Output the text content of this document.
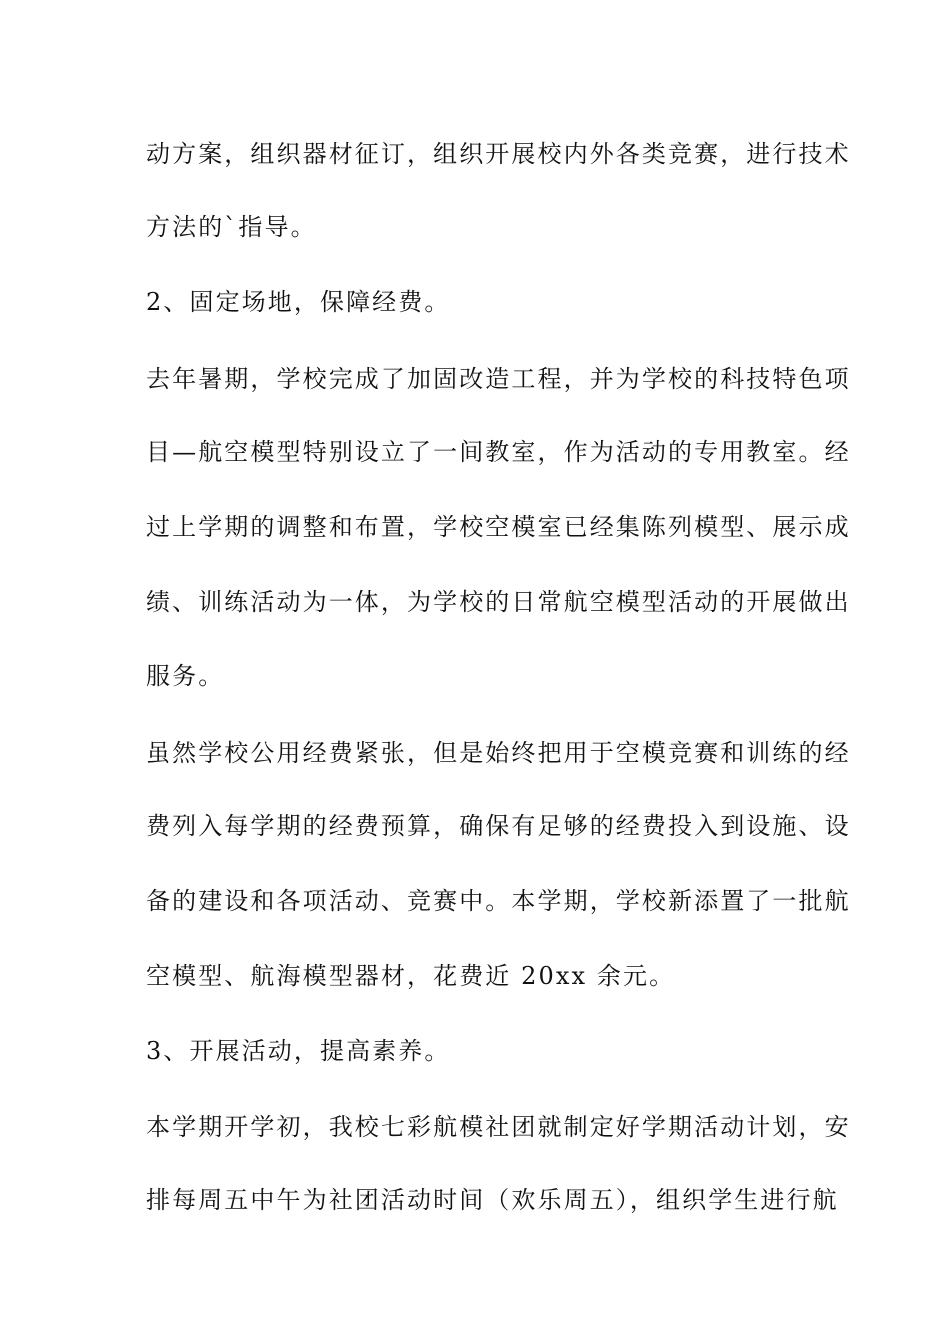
动方案，组织器材征订，组织开展校内外各类竞赛，进行技术
方法的`指导。
2、固定场地，保障经费。
去年暑期，学校完成了加固改造工程，并为学校的科技特色项
目—航空模型特别设立了一间教室，作为活动的专用教室。经
过上学期的调整和布置，学校空模室已经集陈列模型、展示成
绩、训练活动为一体，为学校的日常航空模型活动的开展做出
服务。
虽然学校公用经费紧张，但是始终把用于空模竞赛和训练的经
费列入每学期的经费预算，确保有足够的经费投入到设施、设
备的建设和各项活动、竞赛中。本学期，学校新添置了一批航
空模型、航海模型器材，花费近 20xx 余元。
3、开展活动，提高素养。
本学期开学初，我校七彩航模社团就制定好学期活动计划，安
排每周五中午为社团活动时间（欢乐周五），组织学生进行航
